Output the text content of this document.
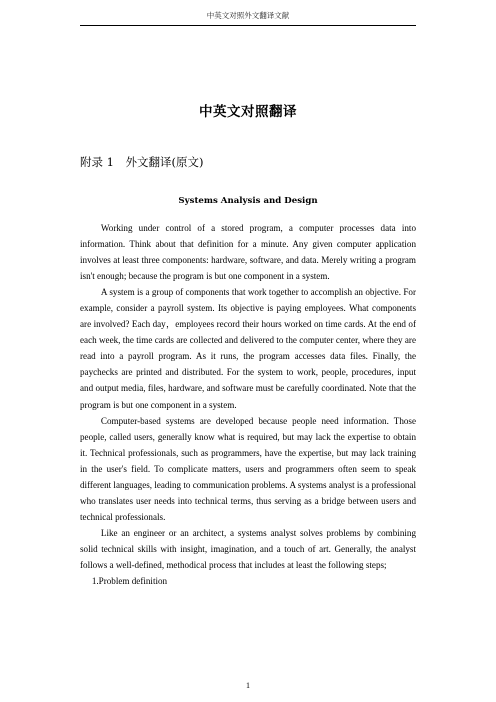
中英文对照外文翻译文献
中英文对照翻译
附录 1　外文翻译(原文)
Systems Analysis and Design

Working under control of a stored program, a computer processes data into information. Think about that definition for a minute. Any given computer application involves at least three components: hardware, software, and data. Merely writing a program isn't enough; because the program is but one component in a system.

A system is a group of components that work together to accomplish an objective. For example, consider a payroll system. Its objective is paying employees. What components are involved? Each day，employees record their hours worked on time cards. At the end of each week, the time cards are collected and delivered to the computer center, where they are read into a payroll program. As it runs, the program accesses data files. Finally, the paychecks are printed and distributed. For the system to work, people, procedures, input and output media, files, hardware, and software must be carefully coordinated. Note that the program is but one component in a system.

Computer-based systems are developed because people need information. Those people, called users, generally know what is required, but may lack the expertise to obtain it. Technical professionals, such as programmers, have the expertise, but may lack training in the user's field. To complicate matters, users and programmers often seem to speak different languages, leading to communication problems. A systems analyst is a professional who translates user needs into technical terms, thus serving as a bridge between users and technical professionals.

Like an engineer or an architect, a systems analyst solves problems by combining solid technical skills with insight, imagination, and a touch of art. Generally, the analyst follows a well-defined, methodical process that includes at least the following steps;

1.Problem definition

1
